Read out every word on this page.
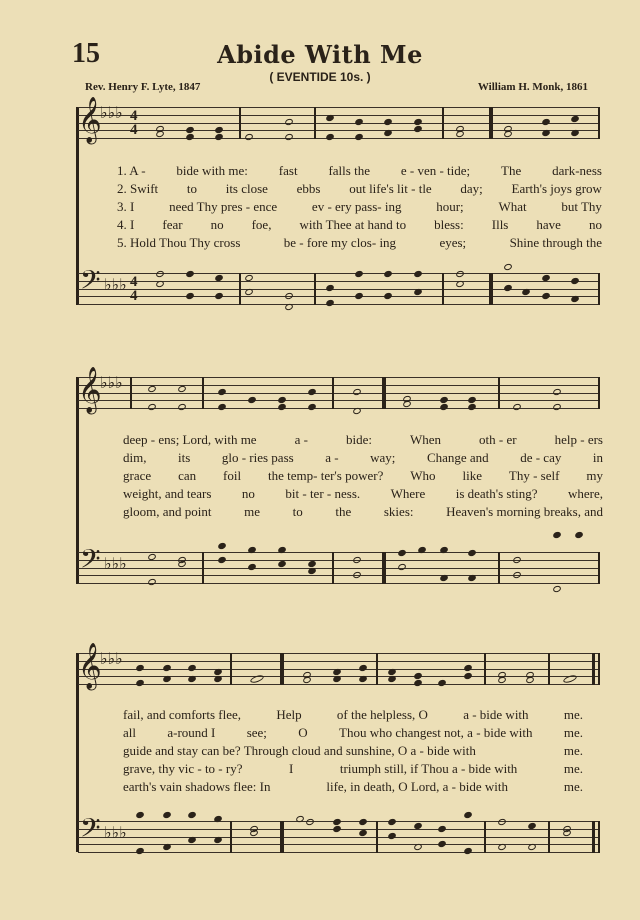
15	Abide With Me
( EVENTIDE 10s. )
Rev. Henry F. Lyte, 1847	William H. Monk, 1861
𝄞
♭♭♭ 4
4
1. A - bide with me: fast falls the e - ven - tide; The dark-ness
2. Swift to its close ebbs out life's lit - tle day; Earth's joys grow
3. I	need Thy pres - ence	ev - ery pass- ing	hour;	What	but Thy
4. I fear no foe, with Thee at hand to bless: Ills have no
5. Hold Thou Thy cross	be - fore my clos- ing	eyes;	Shine through the
𝄢 ♭♭♭ 4
4
𝄞
♭♭♭
deep - ens; Lord, with me	a -	bide:	When	oth - er	help - ers
dim, its glo - ries pass a - way; Change and de - cay in
grace can foil the temp- ter's power? Who like Thy - self my
weight, and tears no bit - ter - ness. Where is death's sting? where,
gloom, and point	me	to	the	skies:	Heaven's morning breaks, and
𝄢 ♭♭♭
𝄞
♭♭♭
fail, and comforts flee,	Help	of the helpless, O	a - bide with	me.
all a-round I see; O Thou who changest not, a - bide with me.
guide and stay can be? Through cloud and sunshine, O a - bide with	me.
grave, thy vic - to - ry?	I	triumph still, if Thou a - bide with	me.
earth's vain shadows flee: In	life, in death, O Lord, a - bide with	me.
𝄢 ♭♭♭
